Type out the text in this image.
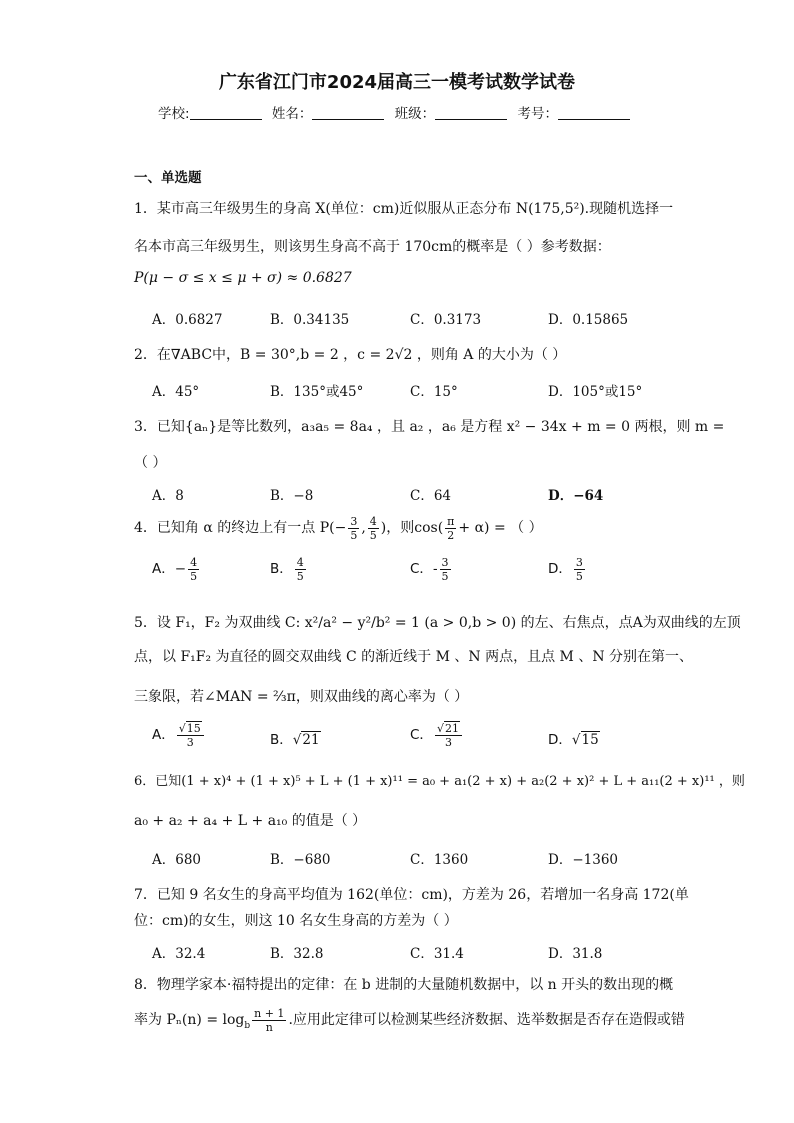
广东省江门市2024届高三一模考试数学试卷
学校:	姓名：	班级：	考号：
一、单选题
1．某市高三年级男生的身高 X(单位：cm)近似服从正态分布 N(175,5²).现随机选择一
名本市高三年级男生，则该男生身高不高于 170cm的概率是（ ）参考数据：
P(μ − σ ≤ x ≤ μ + σ) ≈ 0.6827
A．0.6827	B．0.34135	C．0.3173	D．0.15865
2．在∇ABC中，B = 30°,b = 2 ，c = 2√2 ，则角 A 的大小为（ ）
A．45°	B．135°或45°	C．15°	D．105°或15°
3．已知{aₙ}是等比数列，a₃a₅ = 8a₄ ，且 a₂ ，a₆ 是方程 x² − 34x + m = 0 两根，则 m =
（ ）
A．8	B．−8	C．64	D．−64
4．已知角 α 的终边上有一点 $P(- \frac{3}{5}$ , $\frac{4}{5}$ )，则$\cos( \frac{\pi}{2} + \alpha)$ = （ ）
A．− $\frac{4}{5}$	B． $\frac{4}{5}$	C．- $\frac{3}{5}$	D． $\frac{3}{5}$
5．设 F₁，F₂ 为双曲线 C: x²/a² − y²/b² = 1 (a > 0,b > 0) 的左、右焦点，点A为双曲线的左顶
点，以 F₁F₂ 为直径的圆交双曲线 C 的渐近线于 M 、N 两点，且点 M 、N 分别在第一、
三象限，若∠MAN = ⅔π，则双曲线的离心率为（ ）
A． $\frac{√15}{3}$	B．√21	C． $\frac{√21}{3}$	D．√15
6．已知(1 + x)⁴ + (1 + x)⁵ + L + (1 + x)¹¹ = a₀ + a₁(2 + x) + a₂(2 + x)² + L + a₁₁(2 + x)¹¹ ，则
a₀ + a₂ + a₄ + L + a₁₀ 的值是（ ）
A．680	B．−680	C．1360	D．−1360
7．已知 9 名女生的身高平均值为 162(单位：cm)，方差为 26，若增加一名身高 172(单
位：cm)的女生，则这 10 名女生身高的方差为（ ）
A．32.4	B．32.8	C．31.4	D．31.8
8．物理学家本·福特提出的定律：在 b 进制的大量随机数据中，以 n 开头的数出现的概
率为 $P_n(n) = \log_b \frac{n + 1}{n}$ .应用此定律可以检测某些经济数据、选举数据是否存在造假或错
